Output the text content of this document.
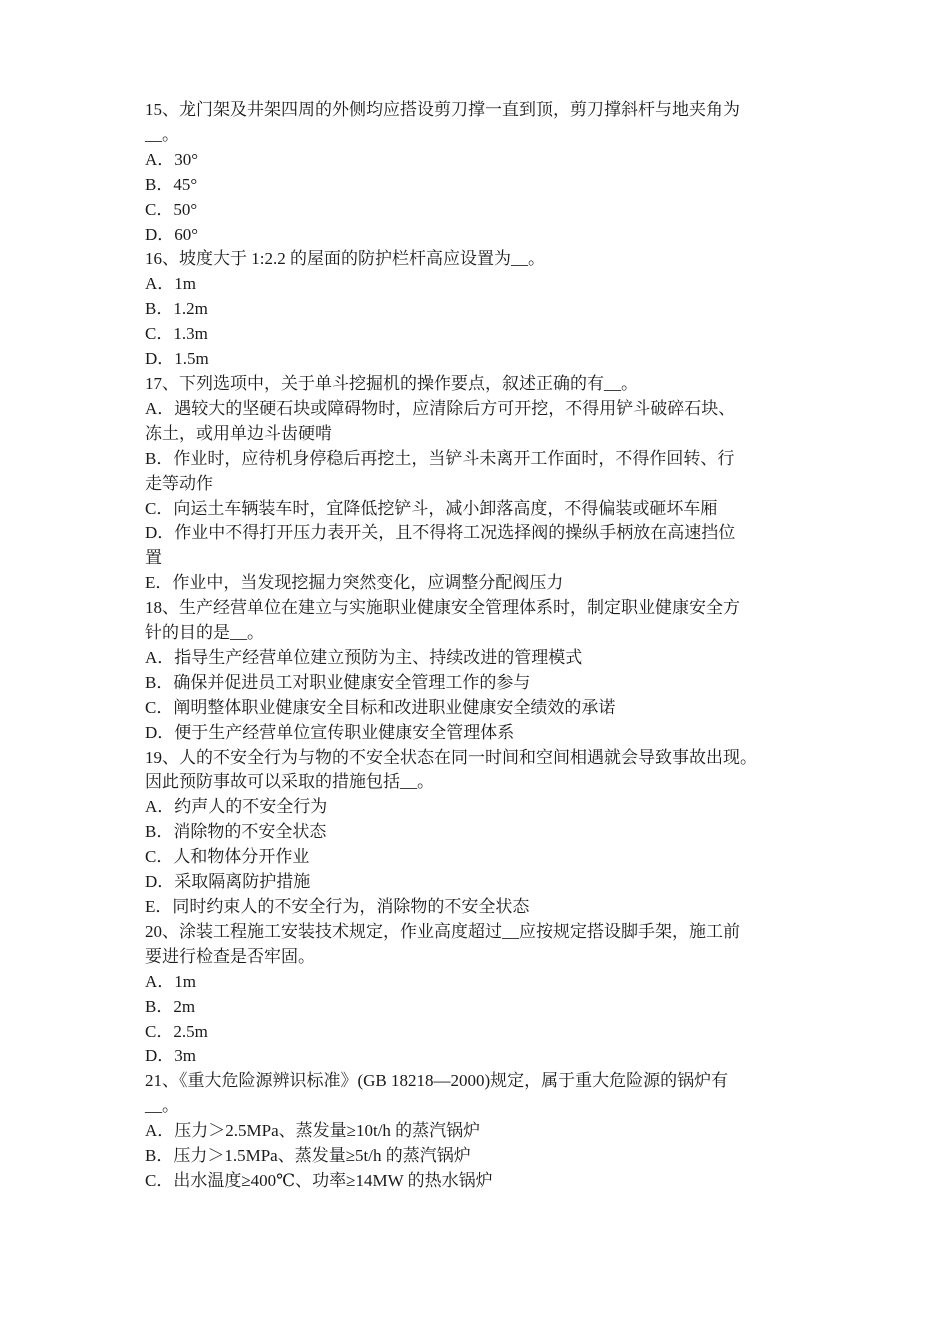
15、龙门架及井架四周的外侧均应搭设剪刀撑一直到顶，剪刀撑斜杆与地夹角为
__。
A．30°
B．45°
C．50°
D．60°
16、坡度大于 1:2.2 的屋面的防护栏杆高应设置为__。
A．1m
B．1.2m
C．1.3m
D．1.5m
17、下列选项中，关于单斗挖掘机的操作要点，叙述正确的有__。
A．遇较大的坚硬石块或障碍物时，应清除后方可开挖，不得用铲斗破碎石块、
冻土，或用单边斗齿硬啃
B．作业时，应待机身停稳后再挖土，当铲斗未离开工作面时，不得作回转、行
走等动作
C．向运土车辆装车时，宜降低挖铲斗，减小卸落高度，不得偏装或砸坏车厢
D．作业中不得打开压力表开关，且不得将工况选择阀的操纵手柄放在高速挡位
置
E．作业中，当发现挖掘力突然变化，应调整分配阀压力
18、生产经营单位在建立与实施职业健康安全管理体系时，制定职业健康安全方
针的目的是__。
A．指导生产经营单位建立预防为主、持续改进的管理模式
B．确保并促进员工对职业健康安全管理工作的参与
C．阐明整体职业健康安全目标和改进职业健康安全绩效的承诺
D．便于生产经营单位宣传职业健康安全管理体系
19、人的不安全行为与物的不安全状态在同一时间和空间相遇就会导致事故出现。
因此预防事故可以采取的措施包括__。
A．约声人的不安全行为
B．消除物的不安全状态
C．人和物体分开作业
D．采取隔离防护措施
E．同时约束人的不安全行为，消除物的不安全状态
20、涂装工程施工安装技术规定，作业高度超过__应按规定搭设脚手架，施工前
要进行检查是否牢固。
A．1m
B．2m
C．2.5m
D．3m
21、《重大危险源辨识标准》(GB 18218—2000)规定，属于重大危险源的锅炉有
__。
A．压力＞2.5MPa、蒸发量≥10t/h 的蒸汽锅炉
B．压力＞1.5MPa、蒸发量≥5t/h 的蒸汽锅炉
C．出水温度≥400℃、功率≥14MW 的热水锅炉
